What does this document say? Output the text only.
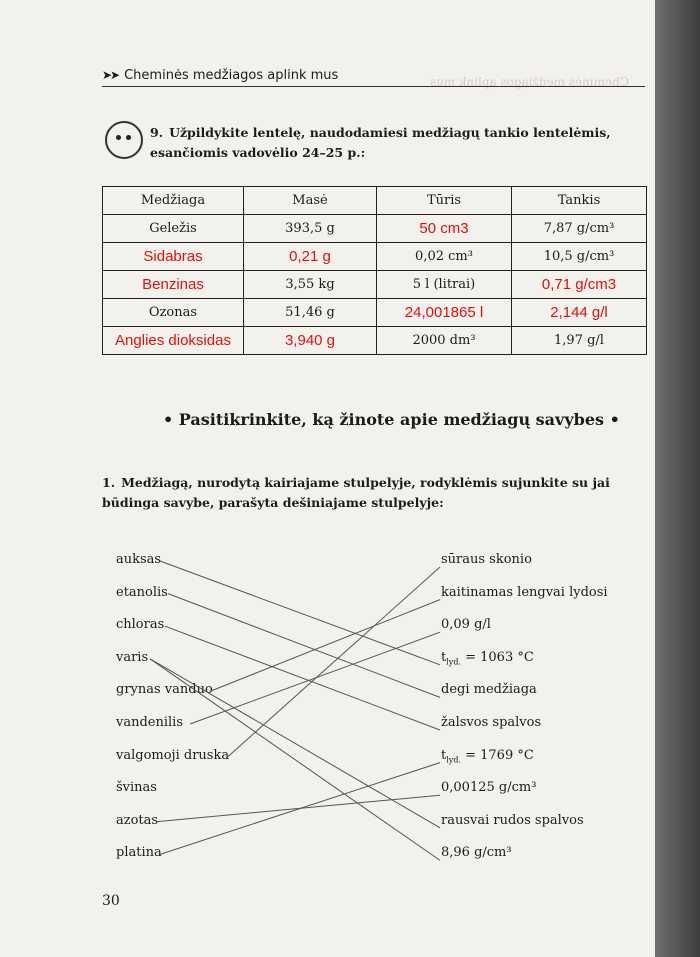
Cheminės medžiagos aplink mus
➤➤ Cheminės medžiagos aplink mus
9. Užpildykite lentelę, naudodamiesi medžiagų tankio lentelėmis, esančiomis vadovėlio 24–25 p.:
Medžiaga	Masė	Tūris	Tankis
Geležis	393,5 g	50 cm3	7,87 g/cm³
Sidabras	0,21 g	0,02 cm³	10,5 g/cm³
Benzinas	3,55 kg	5 l (litrai)	0,71 g/cm3
Ozonas	51,46 g	24,001865 l	2,144 g/l
Anglies dioksidas	3,940 g	2000 dm³	1,97 g/l
• Pasitikrinkite, ką žinote apie medžiagų savybes •
1. Medžiagą, nurodytą kairiajame stulpelyje, rodyklėmis sujunkite su jai būdinga savybe, parašyta dešiniajame stulpelyje:
auksas
etanolis
chloras
varis
grynas vanduo
vandenilis
valgomoji druska
švinas
azotas
platina
sūraus skonio
kaitinamas lengvai lydosi
0,09 g/l
$t_{lyd.} = 1063$ °C
degi medžiaga
žalsvos spalvos
$t_{lyd.} = 1769$ °C
0,00125 g/cm³
rausvai rudos spalvos
8,96 g/cm³
30
